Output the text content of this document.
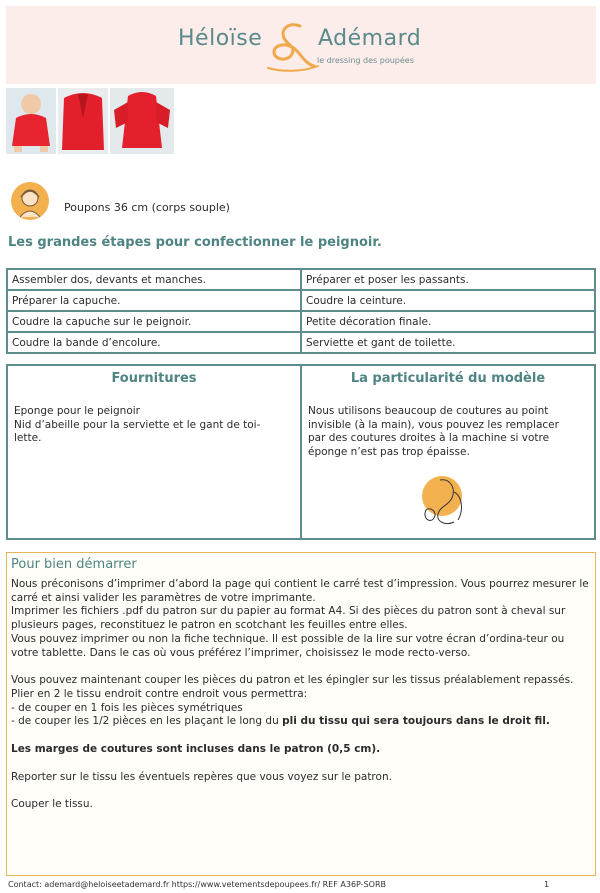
Héloïse	Adémard
le dressing des poupées
Poupons 36 cm (corps souple)
Les grandes étapes pour confectionner le peignoir.
Assembler dos, devants et manches.	Préparer et poser les passants.
Préparer la capuche.	Coudre la ceinture.
Coudre la capuche sur le peignoir.	Petite décoration finale.
Coudre la bande d’encolure.	Serviette et gant de toilette.
Fournitures
Eponge pour le peignoir
Nid d’abeille pour la serviette et le gant de toi-
lette.
La particularité du modèle
Nous utilisons beaucoup de coutures au point
invisible (à la main), vous pouvez les remplacer
par des coutures droites à la machine si votre
éponge n’est pas trop épaisse.
Pour bien démarrer

Nous préconisons d’imprimer d’abord la page qui contient le carré test d’impression. Vous pourrez mesurer le carré et ainsi valider les paramètres de votre imprimante.

Imprimer les fichiers .pdf du patron sur du papier au format A4. Si des pièces du patron sont à cheval sur plusieurs pages, reconstituez le patron en scotchant les feuilles entre elles.

Vous pouvez imprimer ou non la fiche technique. Il est possible de la lire sur votre écran d’ordina-teur ou votre tablette. Dans le cas où vous préférez l’imprimer, choisissez le mode recto-verso.

Vous pouvez maintenant couper les pièces du patron et les épingler sur les tissus préalablement repassés.

Plier en 2 le tissu endroit contre endroit vous permettra:

- de couper en 1 fois les pièces symétriques

- de couper les 1/2 pièces en les plaçant le long du pli du tissu qui sera toujours dans le droit fil.

Les marges de coutures sont incluses dans le patron (0,5 cm).

Reporter sur le tissu les éventuels repères que vous voyez sur le patron.

Couper le tissu.

Contact: ademard@heloiseetademard.fr https://www.vetementsdepoupees.fr/ REF A36P-SORB	1
